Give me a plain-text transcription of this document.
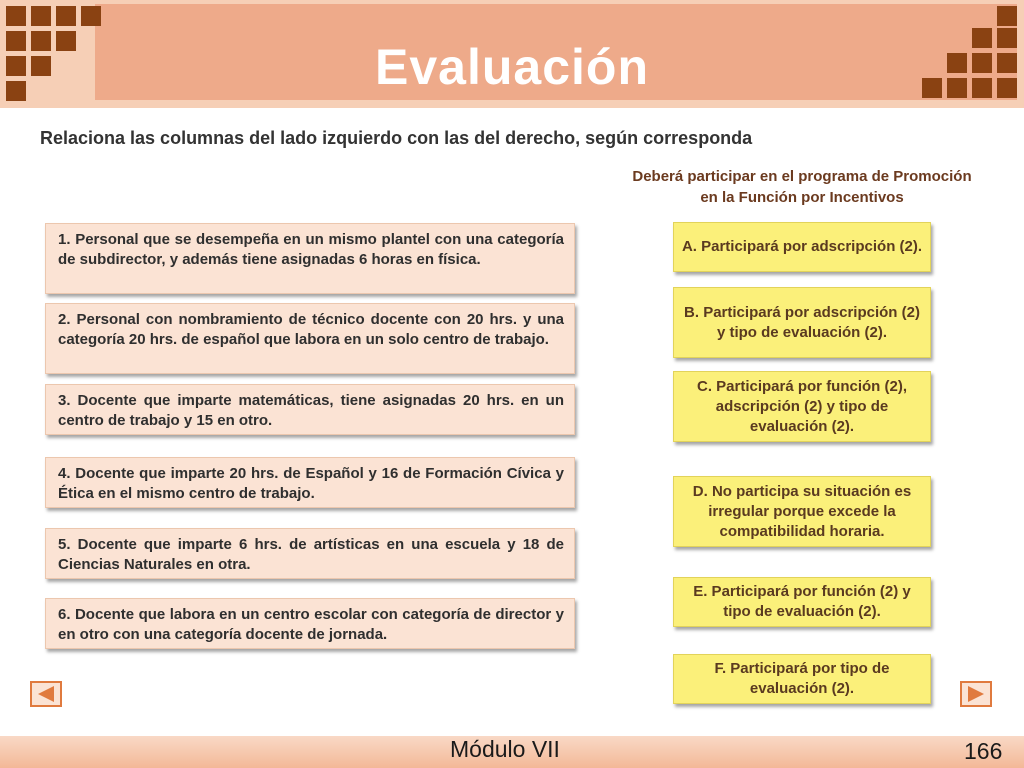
Evaluación
Relaciona las columnas del lado izquierdo con las del derecho, según corresponda
Deberá participar en el programa de Promoción en la Función por Incentivos
1. Personal que se desempeña en un mismo plantel con una categoría de subdirector, y además tiene asignadas 6 horas en física.
2. Personal con nombramiento de técnico docente con 20 hrs. y una categoría 20 hrs. de español que labora en un solo centro de trabajo.
3. Docente que imparte matemáticas, tiene asignadas 20 hrs. en un centro de trabajo y 15 en otro.
4. Docente que imparte 20 hrs. de Español y 16 de Formación Cívica y Ética en el mismo centro de trabajo.
5. Docente que imparte 6 hrs. de artísticas en una escuela y 18 de Ciencias Naturales en otra.
6. Docente que labora en un centro escolar con categoría de director y en otro con una categoría docente de jornada.
A. Participará por adscripción (2).
B. Participará por adscripción (2) y tipo de evaluación (2).
C. Participará por función (2), adscripción (2) y tipo de evaluación (2).
D. No participa su situación es irregular porque excede la compatibilidad horaria.
E. Participará por función (2) y tipo de evaluación (2).
F. Participará por tipo de evaluación (2).
Módulo VII	166
